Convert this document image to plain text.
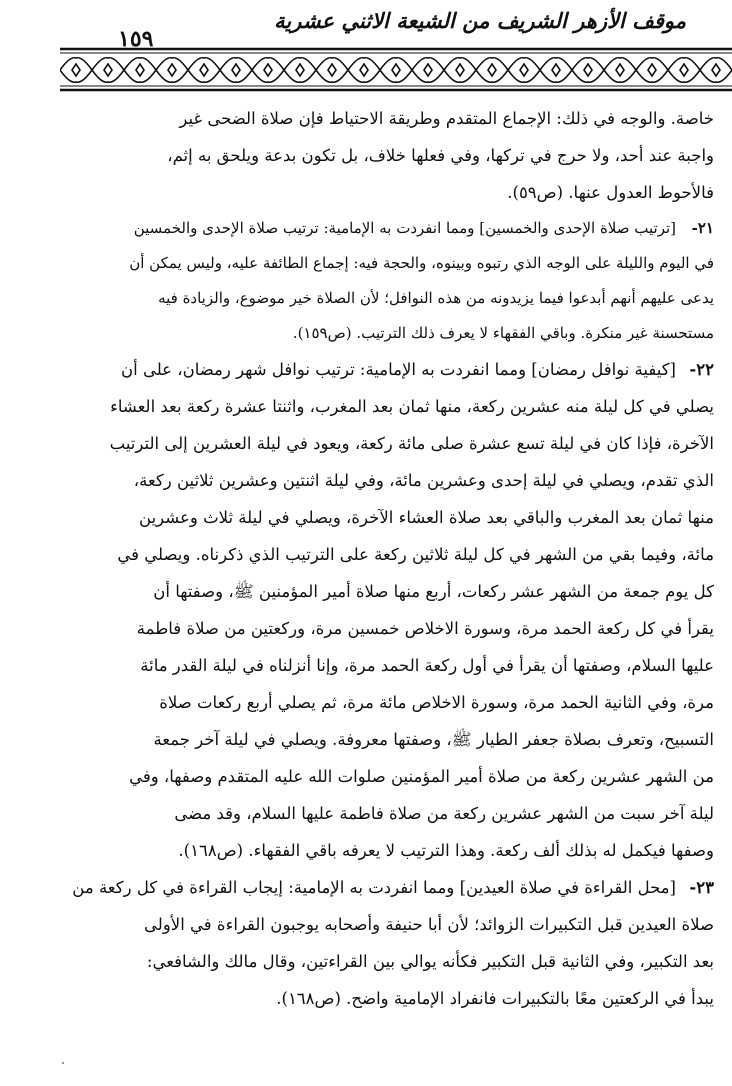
١٥٩
موقف الأزهر الشريف من الشيعة الاثني عشرية
خاصة. والوجه في ذلك: الإجماع المتقدم وطريقة الاحتياط فإن صلاة الضحى غير
واجبة عند أحد، ولا حرج في تركها، وفي فعلها خلاف، بل تكون بدعة ويلحق به إثم،
فالأحوط العدول عنها. (ص٥٩).
٢١-[ترتيب صلاة الإحدى والخمسين] ومما انفردت به الإمامية: ترتيب صلاة الإحدى والخمسين
في اليوم والليلة على الوجه الذي رتبوه وبينوه، والحجة فيه: إجماع الطائفة عليه، وليس يمكن أن
يدعى عليهم أنهم أبدعوا فيما يزيدونه من هذه النوافل؛ لأن الصلاة خير موضوع، والزيادة فيه
مستحسنة غير منكرة. وباقي الفقهاء لا يعرف ذلك الترتيب. (ص١٥٩).
٢٢-[كيفية نوافل رمضان] ومما انفردت به الإمامية: ترتيب نوافل شهر رمضان، على أن
يصلي في كل ليلة منه عشرين ركعة، منها ثمان بعد المغرب، واثنتا عشرة ركعة بعد العشاء
الآخرة، فإذا كان في ليلة تسع عشرة صلى مائة ركعة، ويعود في ليلة العشرين إلى الترتيب
الذي تقدم، ويصلي في ليلة إحدى وعشرين مائة، وفي ليلة اثنتين وعشرين ثلاثين ركعة،
منها ثمان بعد المغرب والباقي بعد صلاة العشاء الآخرة، ويصلي في ليلة ثلاث وعشرين
مائة، وفيما بقي من الشهر في كل ليلة ثلاثين ركعة على الترتيب الذي ذكرناه. ويصلي في
كل يوم جمعة من الشهر عشر ركعات، أربع منها صلاة أمير المؤمنين ﷺ، وصفتها أن
يقرأ في كل ركعة الحمد مرة، وسورة الاخلاص خمسين مرة، وركعتين من صلاة فاطمة
عليها السلام، وصفتها أن يقرأ في أول ركعة الحمد مرة، وإنا أنزلناه في ليلة القدر مائة
مرة، وفي الثانية الحمد مرة، وسورة الاخلاص مائة مرة، ثم يصلي أربع ركعات صلاة
التسبيح، وتعرف بصلاة جعفر الطيار ﷺ، وصفتها معروفة. ويصلي في ليلة آخر جمعة
من الشهر عشرين ركعة من صلاة أمير المؤمنين صلوات الله عليه المتقدم وصفها، وفي
ليلة آخر سبت من الشهر عشرين ركعة من صلاة فاطمة عليها السلام، وقد مضى
وصفها فيكمل له بذلك ألف ركعة. وهذا الترتيب لا يعرفه باقي الفقهاء. (ص١٦٨).
٢٣-[محل القراءة في صلاة العيدين] ومما انفردت به الإمامية: إيجاب القراءة في كل ركعة من
صلاة العيدين قبل التكبيرات الزوائد؛ لأن أبا حنيفة وأصحابه يوجبون القراءة في الأولى
بعد التكبير، وفي الثانية قبل التكبير فكأنه يوالي بين القراءتين، وقال مالك والشافعي:
يبدأ في الركعتين معًا بالتكبيرات فانفراد الإمامية واضح. (ص١٦٨).
